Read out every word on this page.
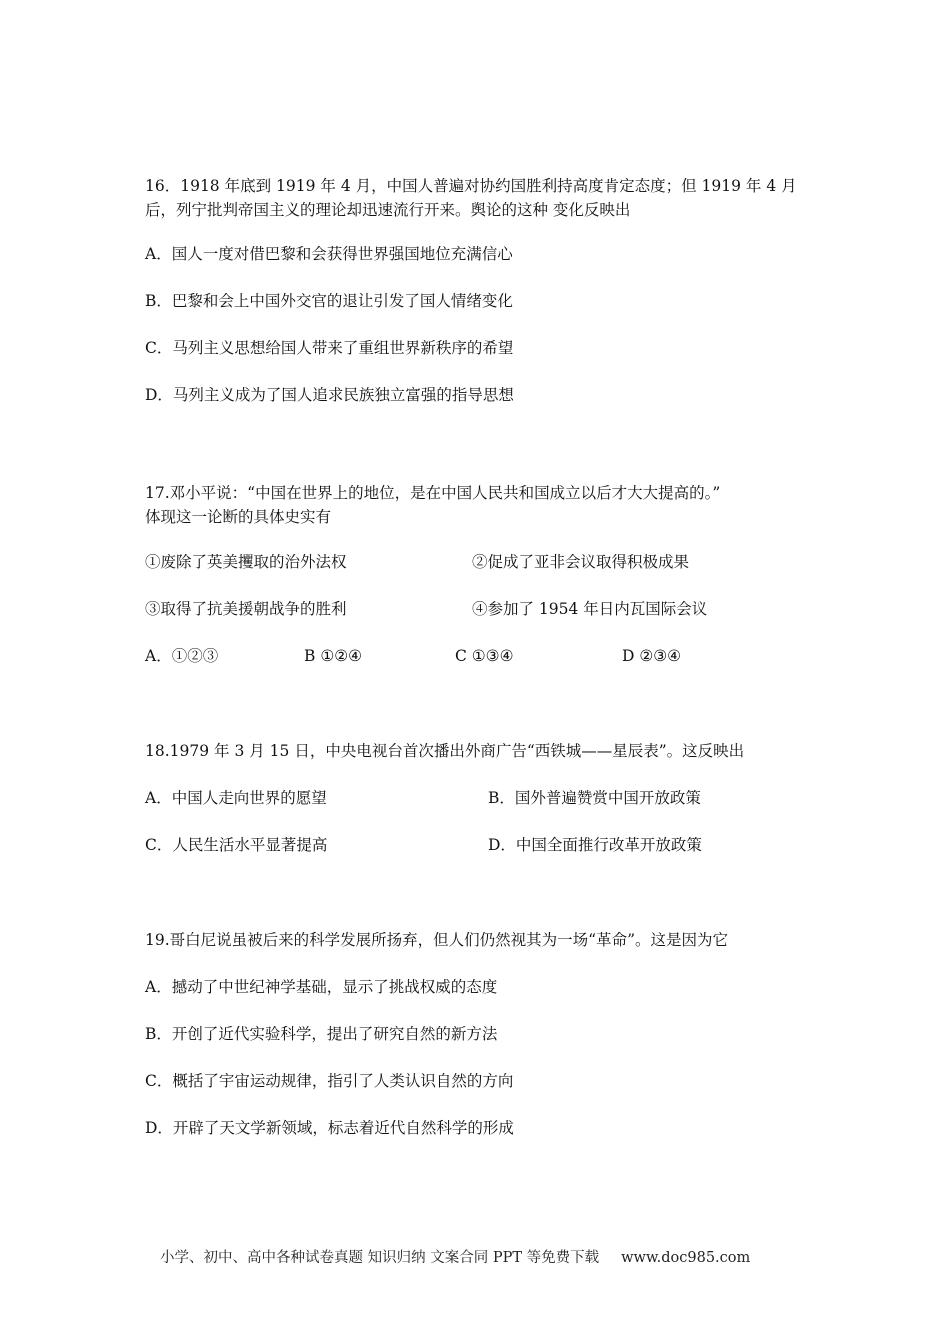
16．1918 年底到 1919 年 4 月，中国人普遍对协约国胜利持高度肯定态度；但 1919 年 4 月
后，列宁批判帝国主义的理论却迅速流行开来。舆论的这种 变化反映出
A．国人一度对借巴黎和会获得世界强国地位充满信心
B．巴黎和会上中国外交官的退让引发了国人情绪变化
C．马列主义思想给国人带来了重组世界新秩序的希望
D．马列主义成为了国人追求民族独立富强的指导思想
17.邓小平说：“中国在世界上的地位，是在中国人民共和国成立以后才大大提高的。”
体现这一论断的具体史实有
①废除了英美攫取的治外法权	②促成了亚非会议取得积极成果
③取得了抗美援朝战争的胜利	④参加了 1954 年日内瓦国际会议
A．①②③	B ①②④	C ①③④	D ②③④
18.1979 年 3 月 15 日，中央电视台首次播出外商广告“西铁城——星辰表”。这反映出
A．中国人走向世界的愿望	B．国外普遍赞赏中国开放政策
C．人民生活水平显著提高	D．中国全面推行改革开放政策
19.哥白尼说虽被后来的科学发展所扬弃，但人们仍然视其为一场“革命”。这是因为它
A．撼动了中世纪神学基础，显示了挑战权威的态度
B．开创了近代实验科学，提出了研究自然的新方法
C．概括了宇宙运动规律，指引了人类认识自然的方向
D．开辟了天文学新领域，标志着近代自然科学的形成
小学、初中、高中各种试卷真题 知识归纳 文案合同 PPT 等免费下载 www.doc985.com
